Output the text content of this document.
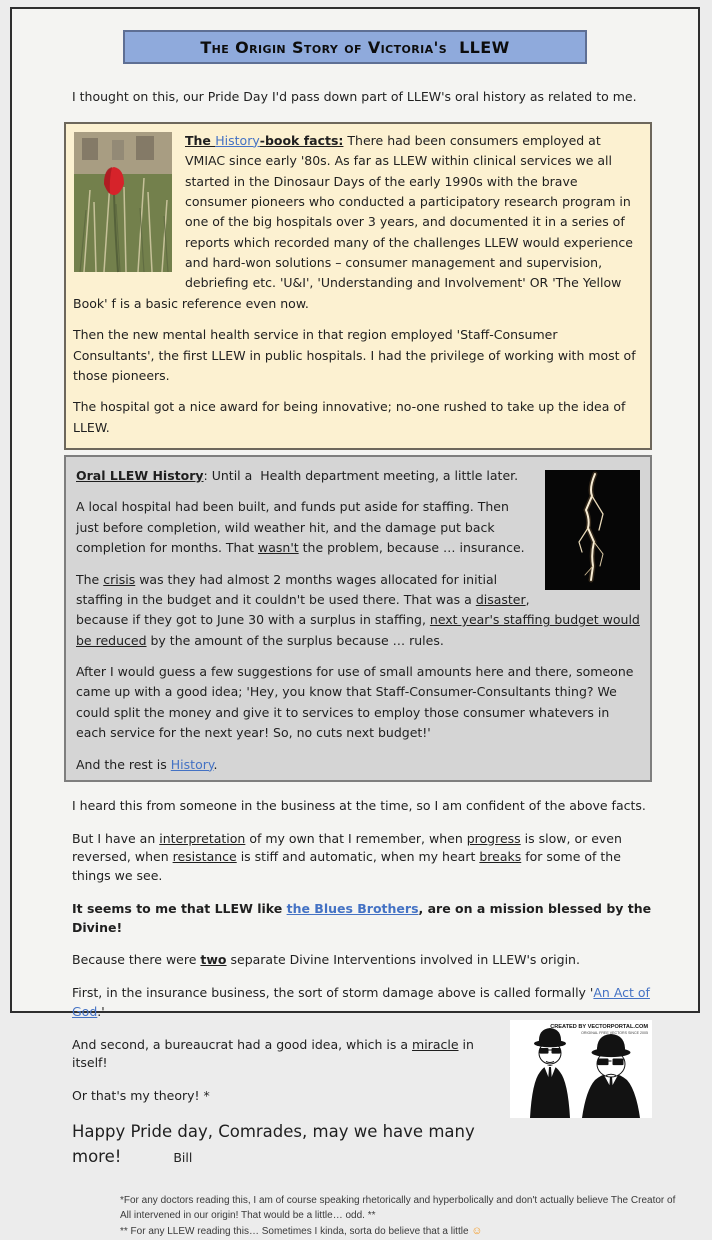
The Origin Story of Victoria's  LLEW

I thought on this, our Pride Day I'd pass down part of LLEW's oral history as related to me.

The History-book facts: There had been consumers employed at VMIAC since early '80s. As far as LLEW within clinical services we all started in the Dinosaur Days of the early 1990s with the brave consumer pioneers who conducted a participatory research program in one of the big hospitals over 3 years, and documented it in a series of reports which recorded many of the challenges LLEW would experience and hard-won solutions – consumer management and supervision, debriefing etc. 'U&I', 'Understanding and Involvement' OR 'The Yellow Book' f is a basic reference even now.

Then the new mental health service in that region employed 'Staff-Consumer Consultants', the first LLEW in public hospitals. I had the privilege of working with most of those pioneers.

The hospital got a nice award for being innovative; no-one rushed to take up the idea of LLEW.

Oral LLEW History: Until a  Health department meeting, a little later.

A local hospital had been built, and funds put aside for staffing. Then just before completion, wild weather hit, and the damage put back completion for months. That wasn't the problem, because … insurance.

The crisis was they had almost 2 months wages allocated for initial staffing in the budget and it couldn't be used there. That was a disaster, because if they got to June 30 with a surplus in staffing, next year's staffing budget would be reduced by the amount of the surplus because … rules.

After I would guess a few suggestions for use of small amounts here and there, someone came up with a good idea; 'Hey, you know that Staff-Consumer-Consultants thing? We could split the money and give it to services to employ those consumer whatevers in each service for the next year! So, no cuts next budget!'

And the rest is History.

I heard this from someone in the business at the time, so I am confident of the above facts.

But I have an interpretation of my own that I remember, when progress is slow, or even reversed, when resistance is stiff and automatic, when my heart breaks for some of the things we see.

It seems to me that LLEW like the Blues Brothers, are on a mission blessed by the Divine!

Because there were two separate Divine Interventions involved in LLEW's origin.

First, in the insurance business, the sort of storm damage above is called formally 'An Act of God.'

CREATED BY VECTORPORTAL.COM
ORIGINAL FREE VECTORS SINCE 2005

And second, a bureaucrat had a good idea, which is a miracle in itself!

Or that's my theory! *

Happy Pride day, Comrades, may we have many more!	Bill

*For any doctors reading this, I am of course speaking rhetorically and hyperbolically and don't actually believe The Creator of All intervened in our origin! That would be a little… odd. **

** For any LLEW reading this… Sometimes I kinda, sorta do believe that a little ☺
